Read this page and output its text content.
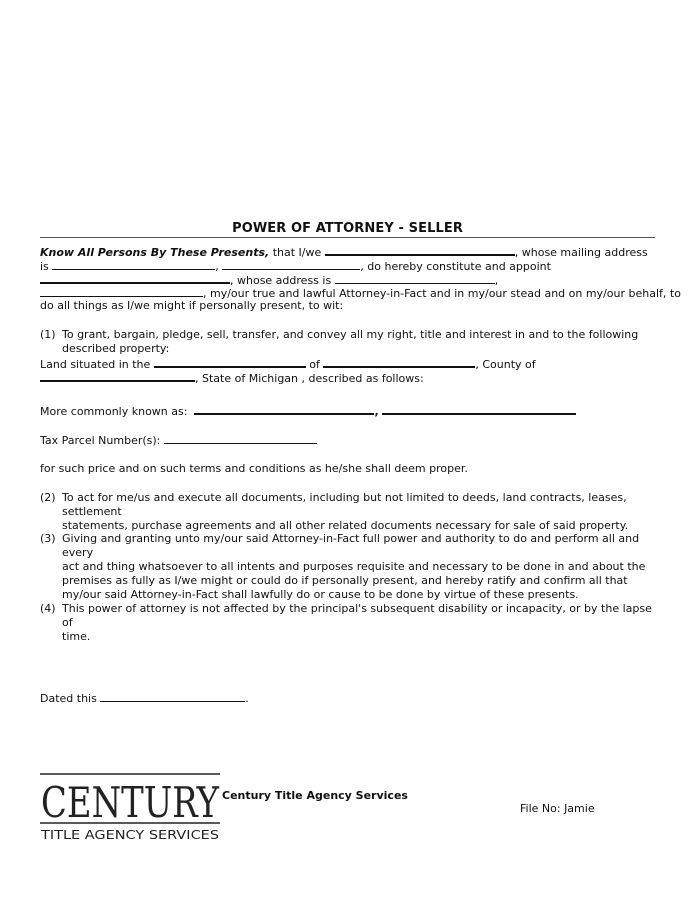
POWER OF ATTORNEY - SELLER
Know All Persons By These Presents, that I/we	, whose mailing address
is	,	, do hereby constitute and appoint
, whose address is	,
, my/our true and lawful Attorney-in-Fact and in my/our stead and on my/our behalf, to
do all things as I/we might if personally present, to wit:
(1) To grant, bargain, pledge, sell, transfer, and convey all my right, title and interest in and to the following
described property:
Land situated in the	of	, County of
, State of Michigan , described as follows:
More commonly known as:	,
Tax Parcel Number(s):
for such price and on such terms and conditions as he/she shall deem proper.
(2) To act for me/us and execute all documents, including but not limited to deeds, land contracts, leases, settlement
statements, purchase agreements and all other related documents necessary for sale of said property.
(3) Giving and granting unto my/our said Attorney-in-Fact full power and authority to do and perform all and every
act and thing whatsoever to all intents and purposes requisite and necessary to be done in and about the
premises as fully as I/we might or could do if personally present, and hereby ratify and confirm all that
my/our said Attorney-in-Fact shall lawfully do or cause to be done by virtue of these presents.
(4) This power of attorney is not affected by the principal's subsequent disability or incapacity, or by the lapse of
time.
Dated this	.
CENTURY
TITLE AGENCY SERVICES
Century Title Agency Services
File No: Jamie
